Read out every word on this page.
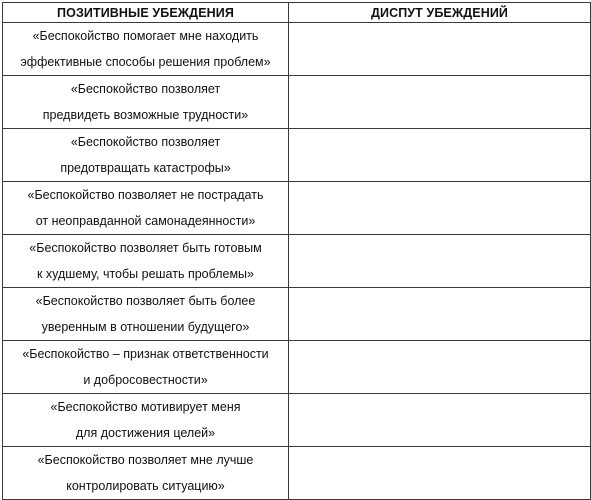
ПОЗИТИВНЫЕ УБЕЖДЕНИЯ	ДИСПУТ УБЕЖДЕНИЙ

«Беспокойство помогает мне находить
эффективные способы решения проблем»	

«Беспокойство позволяет
предвидеть возможные трудности»	

«Беспокойство позволяет
предотвращать катастрофы»	

«Беспокойство позволяет не пострадать
от неоправданной самонадеянности»	

«Беспокойство позволяет быть готовым
к худшему, чтобы решать проблемы»	

«Беспокойство позволяет быть более
уверенным в отношении будущего»	

«Беспокойство – признак ответственности
и добросовестности»	

«Беспокойство мотивирует меня
для достижения целей»	

«Беспокойство позволяет мне лучше
контролировать ситуацию»	
